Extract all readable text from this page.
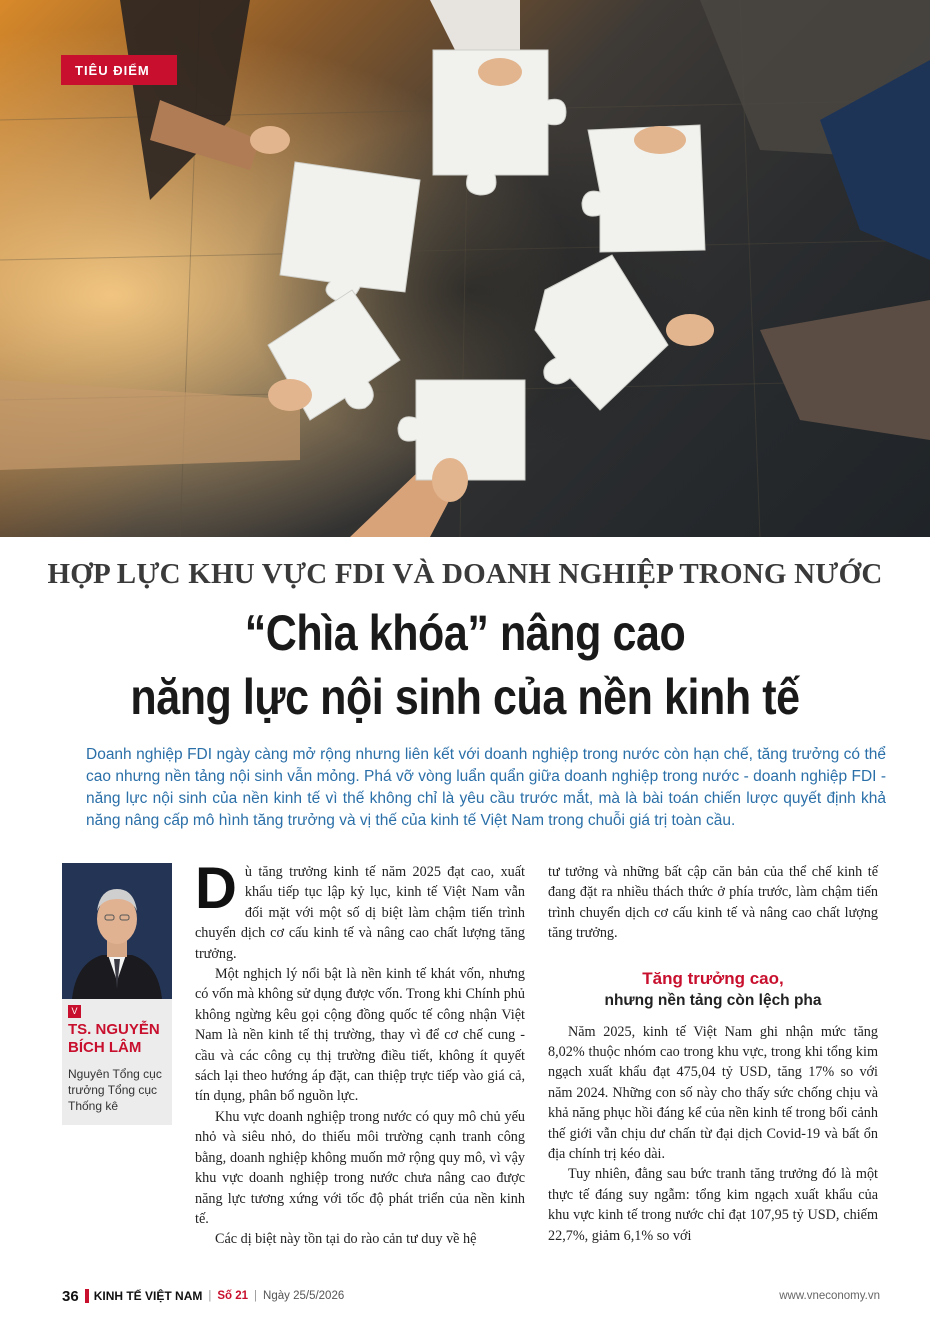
TIÊU ĐIỂM
HỢP LỰC KHU VỰC FDI VÀ DOANH NGHIỆP TRONG NƯỚC
“Chìa khóa” nâng cao
năng lực nội sinh của nền kinh tế
Doanh nghiệp FDI ngày càng mở rộng nhưng liên kết với doanh nghiệp trong nước còn hạn chế, tăng trưởng có thể cao nhưng nền tảng nội sinh vẫn mỏng. Phá vỡ vòng luẩn quẩn giữa doanh nghiệp trong nước - doanh nghiệp FDI - năng lực nội sinh của nền kinh tế vì thế không chỉ là yêu cầu trước mắt, mà là bài toán chiến lược quyết định khả năng nâng cấp mô hình tăng trưởng và vị thế của kinh tế Việt Nam trong chuỗi giá trị toàn cầu.
V
TS. NGUYỄN BÍCH LÂM
Nguyên Tổng cục trưởng Tổng cục Thống kê

Dù tăng trưởng kinh tế năm 2025 đạt cao, xuất khẩu tiếp tục lập kỷ lục, kinh tế Việt Nam vẫn đối mặt với một số dị biệt làm chậm tiến trình chuyển dịch cơ cấu kinh tế và nâng cao chất lượng tăng trưởng.

Một nghịch lý nổi bật là nền kinh tế khát vốn, nhưng có vốn mà không sử dụng được vốn. Trong khi Chính phủ không ngừng kêu gọi cộng đồng quốc tế công nhận Việt Nam là nền kinh tế thị trường, thay vì để cơ chế cung - cầu và các công cụ thị trường điều tiết, không ít quyết sách lại theo hướng áp đặt, can thiệp trực tiếp vào giá cả, tín dụng, phân bổ nguồn lực.

Khu vực doanh nghiệp trong nước có quy mô chủ yếu nhỏ và siêu nhỏ, do thiếu môi trường cạnh tranh công bằng, doanh nghiệp không muốn mở rộng quy mô, vì vậy khu vực doanh nghiệp trong nước chưa nâng cao được năng lực tương xứng với tốc độ phát triển của nền kinh tế.

Các dị biệt này tồn tại do rào cản tư duy về hệ

tư tưởng và những bất cập căn bản của thể chế kinh tế đang đặt ra nhiều thách thức ở phía trước, làm chậm tiến trình chuyển dịch cơ cấu kinh tế và nâng cao chất lượng tăng trưởng.

Tăng trưởng cao,
nhưng nền tảng còn lệch pha

Năm 2025, kinh tế Việt Nam ghi nhận mức tăng 8,02% thuộc nhóm cao trong khu vực, trong khi tổng kim ngạch xuất khẩu đạt 475,04 tỷ USD, tăng 17% so với năm 2024. Những con số này cho thấy sức chống chịu và khả năng phục hồi đáng kể của nền kinh tế trong bối cảnh thế giới vẫn chịu dư chấn từ đại dịch Covid-19 và bất ổn địa chính trị kéo dài.

Tuy nhiên, đằng sau bức tranh tăng trưởng đó là một thực tế đáng suy ngẫm: tổng kim ngạch xuất khẩu của khu vực kinh tế trong nước chỉ đạt 107,95 tỷ USD, chiếm 22,7%, giảm 6,1% so với

36 KINH TẾ VIỆT NAM | Số 21 | Ngày 25/5/2026	www.vneconomy.vn
